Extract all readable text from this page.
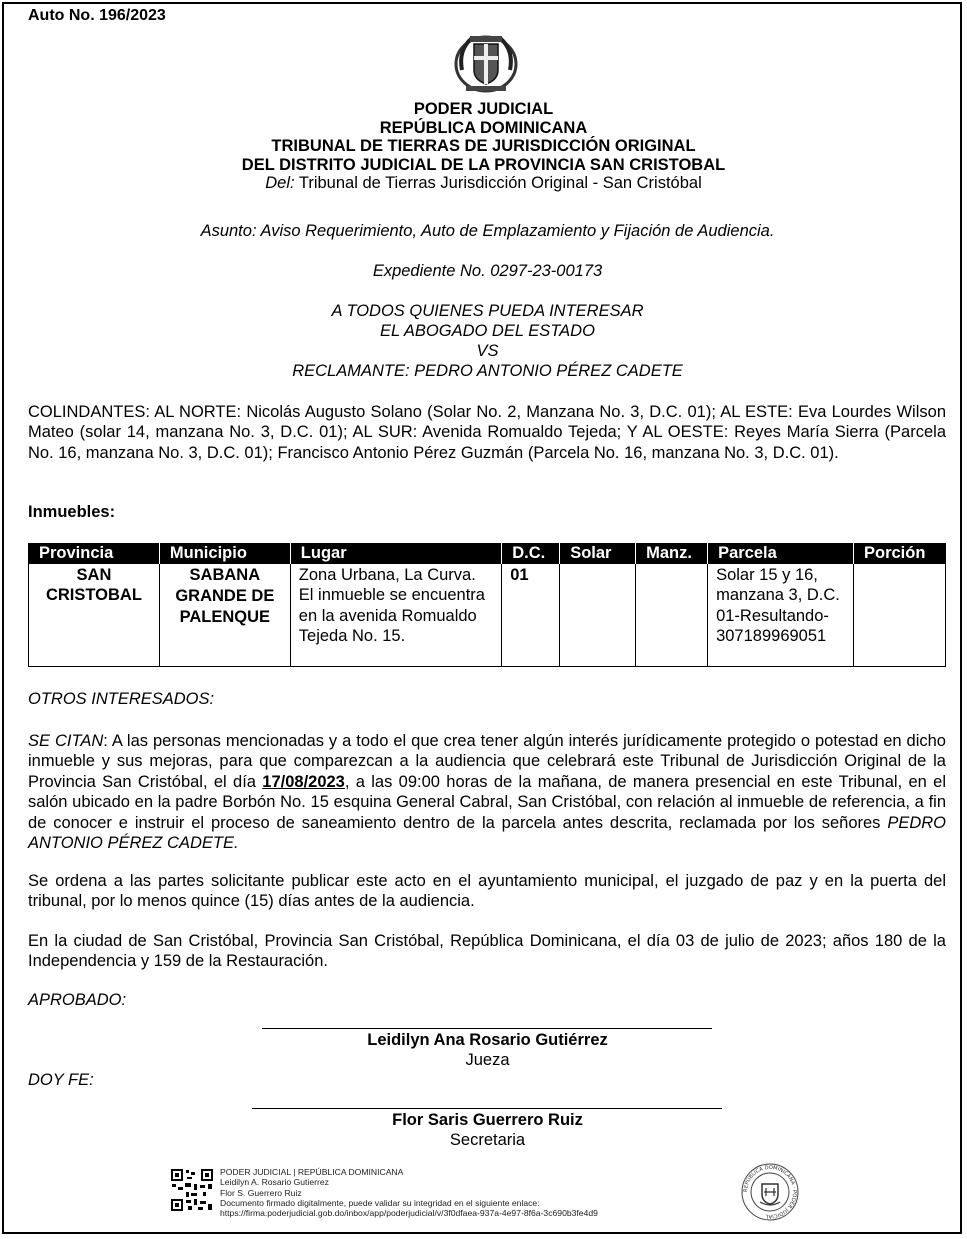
Auto No. 196/2023
PODER JUDICIAL
REPÚBLICA DOMINICANA
TRIBUNAL DE TIERRAS DE JURISDICCIÓN ORIGINAL
DEL DISTRITO JUDICIAL DE LA PROVINCIA SAN CRISTOBAL
Del: Tribunal de Tierras Jurisdicción Original - San Cristóbal
Asunto: Aviso Requerimiento, Auto de Emplazamiento y Fijación de Audiencia.
Expediente No. 0297-23-00173
A TODOS QUIENES PUEDA INTERESAR
EL ABOGADO DEL ESTADO
VS
RECLAMANTE: PEDRO ANTONIO PÉREZ CADETE
COLINDANTES: AL NORTE: Nicolás Augusto Solano (Solar No. 2, Manzana No. 3, D.C. 01); AL ESTE: Eva Lourdes Wilson Mateo (solar 14, manzana No. 3, D.C. 01); AL SUR: Avenida Romualdo Tejeda; Y AL OESTE: Reyes María Sierra (Parcela No. 16, manzana No. 3, D.C. 01); Francisco Antonio Pérez Guzmán (Parcela No. 16, manzana No. 3, D.C. 01).
Inmuebles:
Provincia	Municipio	Lugar	D.C.	Solar	Manz.	Parcela	Porción
SAN CRISTOBAL	SABANA GRANDE DE PALENQUE	Zona Urbana, La Curva. El inmueble se encuentra en la avenida Romualdo Tejeda No. 15.	01			Solar 15 y 16, manzana 3, D.C. 01-Resultando-307189969051	
OTROS INTERESADOS:
SE CITAN: A las personas mencionadas y a todo el que crea tener algún interés jurídicamente protegido o potestad en dicho inmueble y sus mejoras, para que comparezcan a la audiencia que celebrará este Tribunal de Jurisdicción Original de la Provincia San Cristóbal, el día 17/08/2023, a las 09:00 horas de la mañana, de manera presencial en este Tribunal, en el salón ubicado en la padre Borbón No. 15 esquina General Cabral, San Cristóbal, con relación al inmueble de referencia, a fin de conocer e instruir el proceso de saneamiento dentro de la parcela antes descrita, reclamada por los señores PEDRO ANTONIO PÉREZ CADETE.
Se ordena a las partes solicitante publicar este acto en el ayuntamiento municipal, el juzgado de paz y en la puerta del tribunal, por lo menos quince (15) días antes de la audiencia.
En la ciudad de San Cristóbal, Provincia San Cristóbal, República Dominicana, el día 03 de julio de 2023; años 180 de la Independencia y 159 de la Restauración.
APROBADO:
Leidilyn Ana Rosario Gutiérrez
Jueza
DOY FE:
Flor Saris Guerrero Ruiz
Secretaria
PODER JUDICIAL | REPÚBLICA DOMINICANA
Leidilyn A. Rosario Gutierrez
Flor S. Guerrero Ruiz
Documento firmado digitalmente, puede validar su integridad en el siguiente enlace:
https://firma.poderjudicial.gob.do/inbox/app/poderjudicial/v/3f0dfaea-937a-4e97-8f6a-3c690b3fe4d9
REPÚBLICA DOMINICANA · PODER JUDICIAL
